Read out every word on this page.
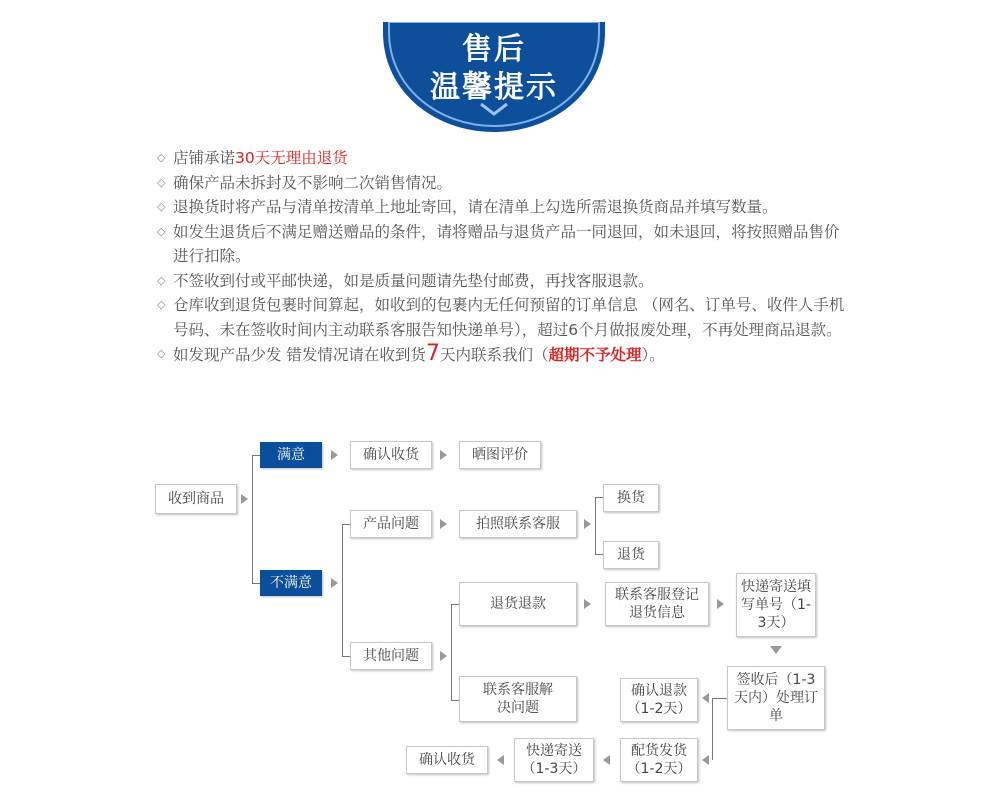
售后
温馨提示
◇ 店铺承诺30天无理由退货
◇ 确保产品未拆封及不影响二次销售情况。
◇ 退换货时将产品与清单按清单上地址寄回，请在清单上勾选所需退换货商品并填写数量。
◇ 如发生退货后不满足赠送赠品的条件，请将赠品与退货产品一同退回，如未退回，将按照赠品售价进行扣除。
◇ 不签收到付或平邮快递，如是质量问题请先垫付邮费，再找客服退款。
◇ 仓库收到退货包裹时间算起，如收到的包裹内无任何预留的订单信息 （网名、订单号、收件人手机号码、未在签收时间内主动联系客服告知快递单号），超过6个月做报废处理，不再处理商品退款。
◇ 如发现产品少发 错发情况请在收到货7天内联系我们（超期不予处理）。
收到商品
满意	确认收货	晒图评价
不满意
产品问题	拍照联系客服
换货
退货
其他问题
退货退款
联系客服登记退货信息
快递寄送填写单号（1-3天）
联系客服解决问题
签收后（1-3天内）处理订单
确认退款（1-2天）
配货发货（1-2天）
快递寄送（1-3天）
确认收货
